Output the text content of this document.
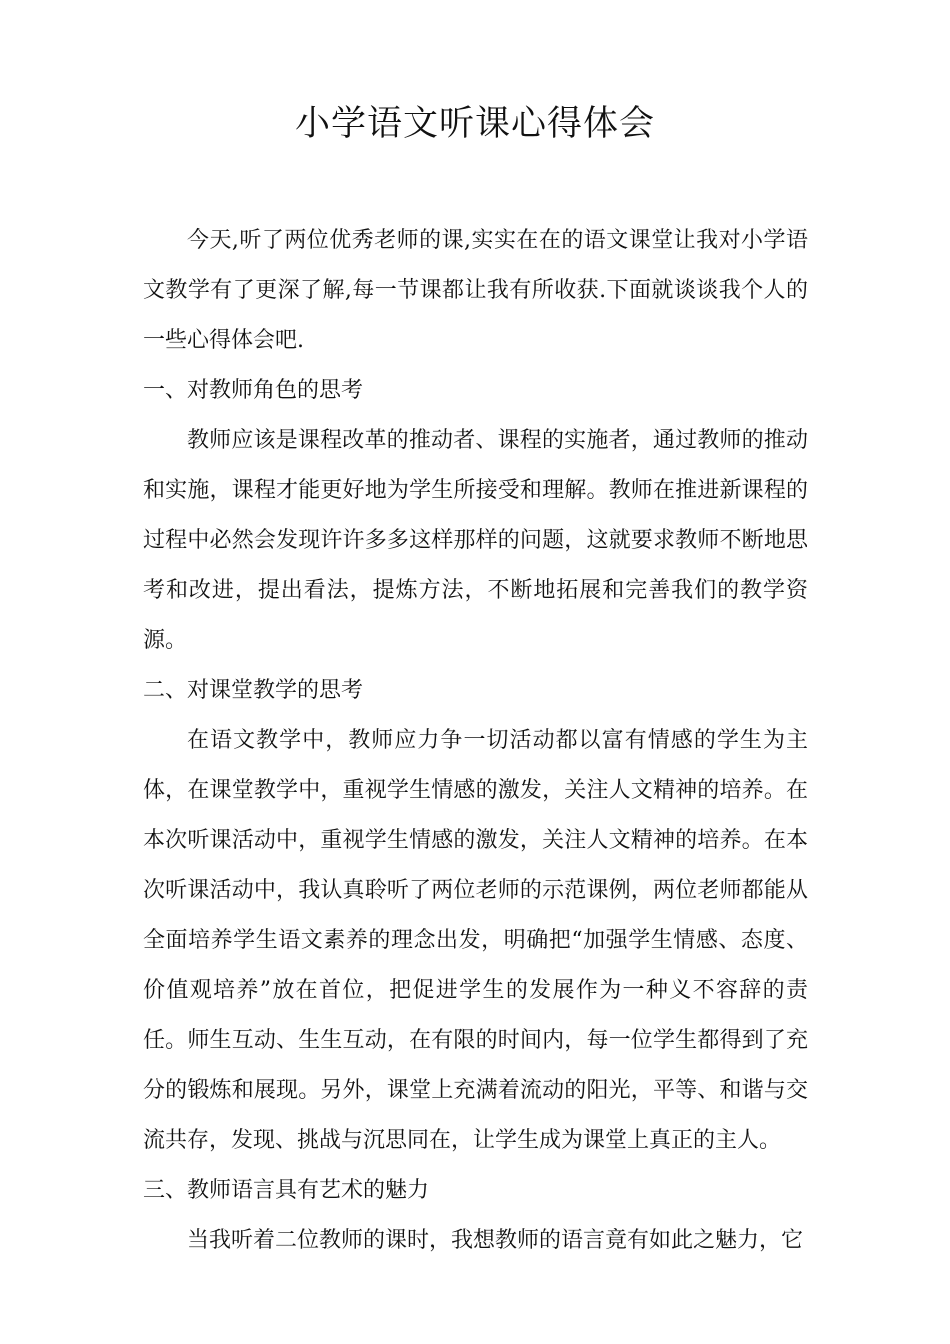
小学语文听课心得体会

今天,听了两位优秀老师的课,实实在在的语文课堂让我对小学语文教学有了更深了解,每一节课都让我有所收获.下面就谈谈我个人的一些心得体会吧.

一、对教师角色的思考

教师应该是课程改革的推动者、课程的实施者，通过教师的推动和实施，课程才能更好地为学生所接受和理解。教师在推进新课程的过程中必然会发现许许多多这样那样的问题，这就要求教师不断地思考和改进，提出看法，提炼方法，不断地拓展和完善我们的教学资源。

二、对课堂教学的思考

在语文教学中，教师应力争一切活动都以富有情感的学生为主体，在课堂教学中，重视学生情感的激发，关注人文精神的培养。在本次听课活动中，重视学生情感的激发，关注人文精神的培养。在本次听课活动中，我认真聆听了两位老师的示范课例，两位老师都能从全面培养学生语文素养的理念出发，明确把“加强学生情感、态度、价值观培养”放在首位，把促进学生的发展作为一种义不容辞的责任。师生互动、生生互动，在有限的时间内，每一位学生都得到了充分的锻炼和展现。另外，课堂上充满着流动的阳光，平等、和谐与交流共存，发现、挑战与沉思同在，让学生成为课堂上真正的主人。

三、教师语言具有艺术的魅力

当我听着二位教师的课时，我想教师的语言竟有如此之魅力，它
